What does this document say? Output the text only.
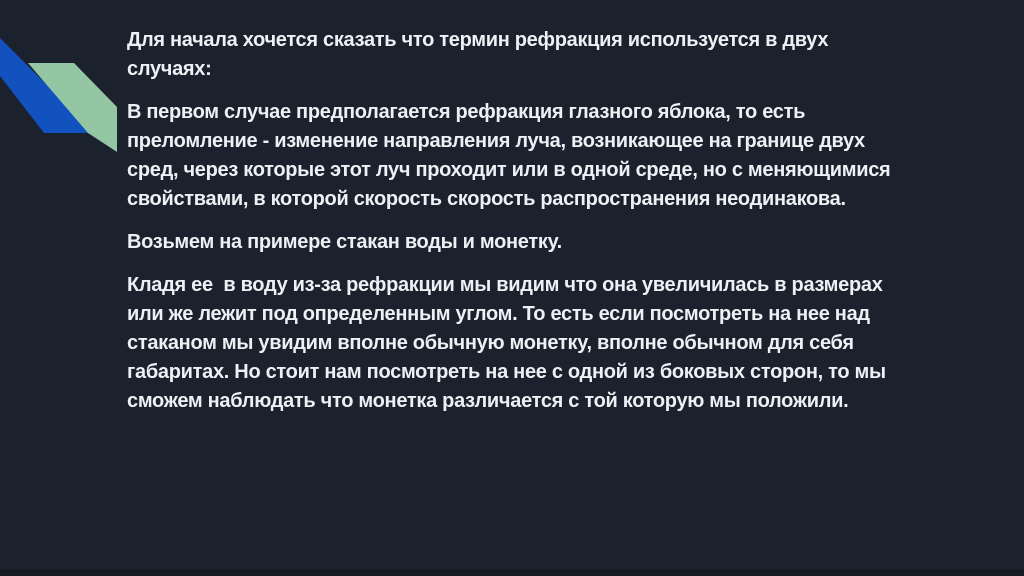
Для начала хочется сказать что термин рефракция используется в двух случаях:

В первом случае предполагается рефракция глазного яблока, то есть преломление - изменение направления луча, возникающее на границе двух сред, через которые этот луч проходит или в одной среде, но с меняющимися свойствами, в которой скорость скорость распространения неодинакова.

Возьмем на примере стакан воды и монетку.

Кладя ее  в воду из-за рефракции мы видим что она увеличилась в размерах или же лежит под определенным углом. То есть если посмотреть на нее над стаканом мы увидим вполне обычную монетку, вполне обычном для себя габаритах. Но стоит нам посмотреть на нее с одной из боковых сторон, то мы сможем наблюдать что монетка различается с той которую мы положили.
